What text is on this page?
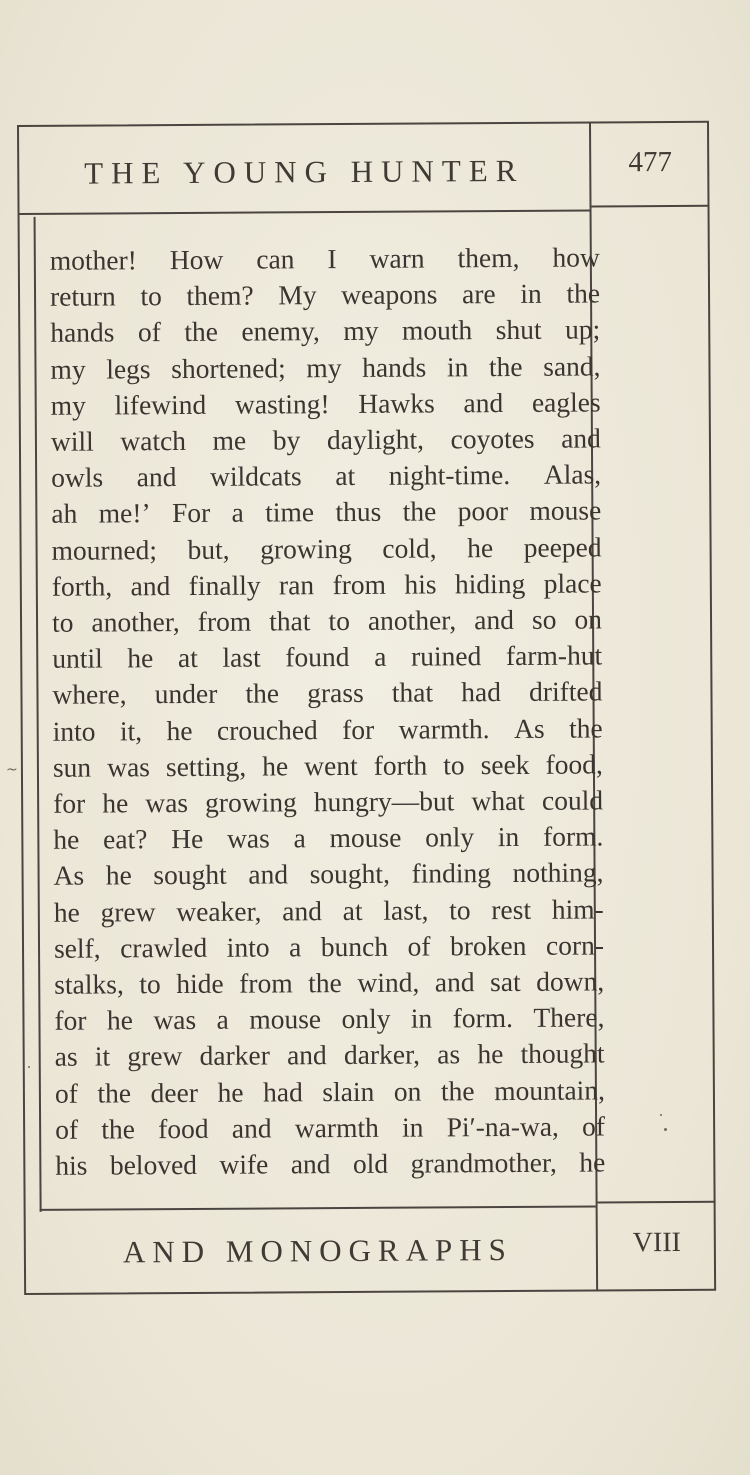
THE YOUNG HUNTER	477
mother! How can I warn them, how
return to them? My weapons are in the
hands of the enemy, my mouth shut up;
my legs shortened; my hands in the sand,
my lifewind wasting! Hawks and eagles
will watch me by daylight, coyotes and
owls and wildcats at night-time. Alas,
ah me!’ For a time thus the poor mouse
mourned; but, growing cold, he peeped
forth, and finally ran from his hiding place
to another, from that to another, and so on
until he at last found a ruined farm-hut
where, under the grass that had drifted
into it, he crouched for warmth. As the
sun was setting, he went forth to seek food,
for he was growing hungry—but what could
he eat? He was a mouse only in form.
As he sought and sought, finding nothing,
he grew weaker, and at last, to rest him-
self, crawled into a bunch of broken corn-
stalks, to hide from the wind, and sat down,
for he was a mouse only in form. There,
as it grew darker and darker, as he thought
of the deer he had slain on the mountain,
of the food and warmth in Pi′-na-wa, of
his beloved wife and old grandmother, he
AND MONOGRAPHS	VIII
~
